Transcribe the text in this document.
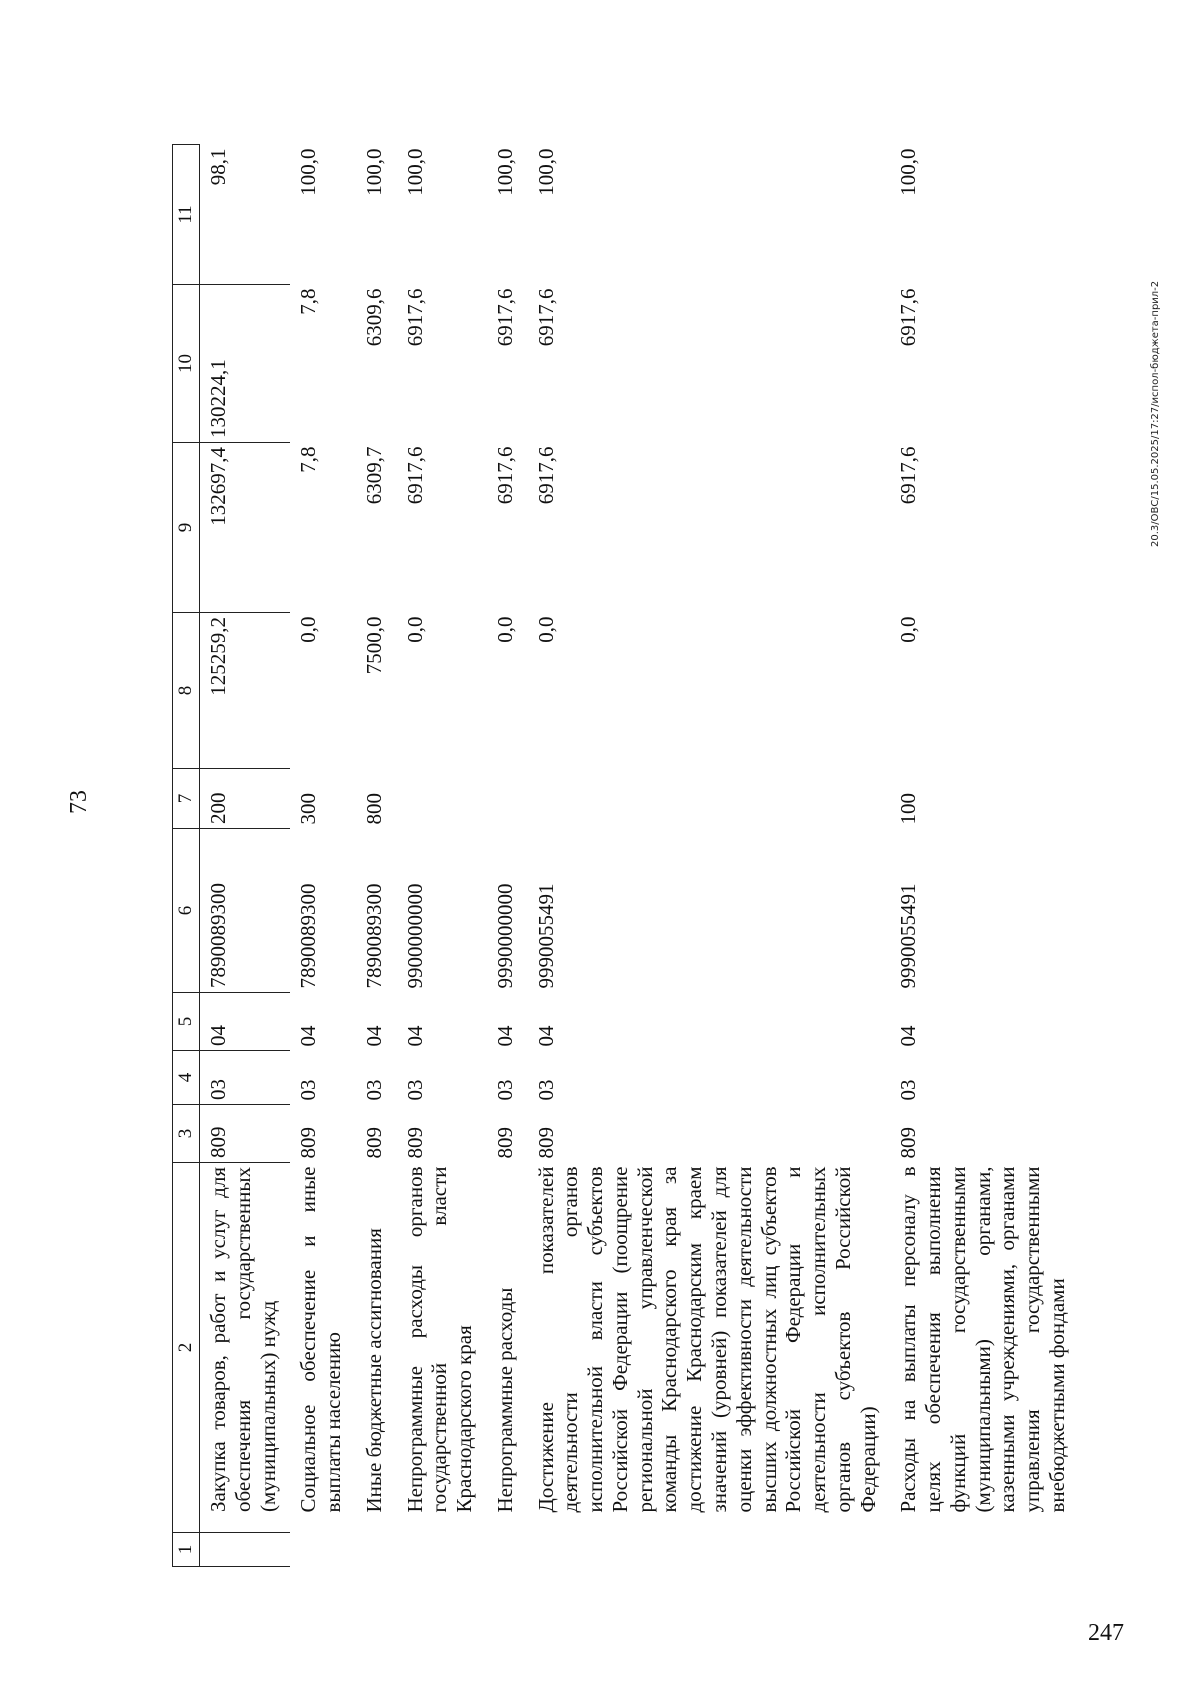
73
1	2	3	4	5	6	7	8	9	10	11
	Закупка товаров, работ и услуг для обеспечения государственных (муниципальных) нужд	809	03	04	7890089300	200	125259,2	132697,4	130224,1	98,1
	Социальное обеспечение и иные выплаты населению	809	03	04	7890089300	300	0,0	7,8	7,8	100,0
	Иные бюджетные ассигнования	809	03	04	7890089300	800	7500,0	6309,7	6309,6	100,0
	Непрограммные расходы органов государственной власти Краснодарского края	809	03	04	9900000000		0,0	6917,6	6917,6	100,0
	Непрограммные расходы	809	03	04	9990000000		0,0	6917,6	6917,6	100,0
	Достижение показателей деятельности органов исполнительной власти субъектов Российской Федерации (поощрение региональной управленческой команды Краснодарского края за достижение Краснодарским краем значений (уровней) показателей для оценки эффективности деятельности высших должностных лиц субъектов Российской Федерации и деятельности исполнительных органов субъектов Российской Федерации)	809	03	04	9990055491		0,0	6917,6	6917,6	100,0
	Расходы на выплаты персоналу в целях обеспечения выполнения функций государственными (муниципальными) органами, казенными учреждениями, органами управления государственными внебюджетными фондами	809	03	04	9990055491	100	0,0	6917,6	6917,6	100,0
20.3/ОВС/15.05.2025/17:27/испол-бюджета-прил-2
247
